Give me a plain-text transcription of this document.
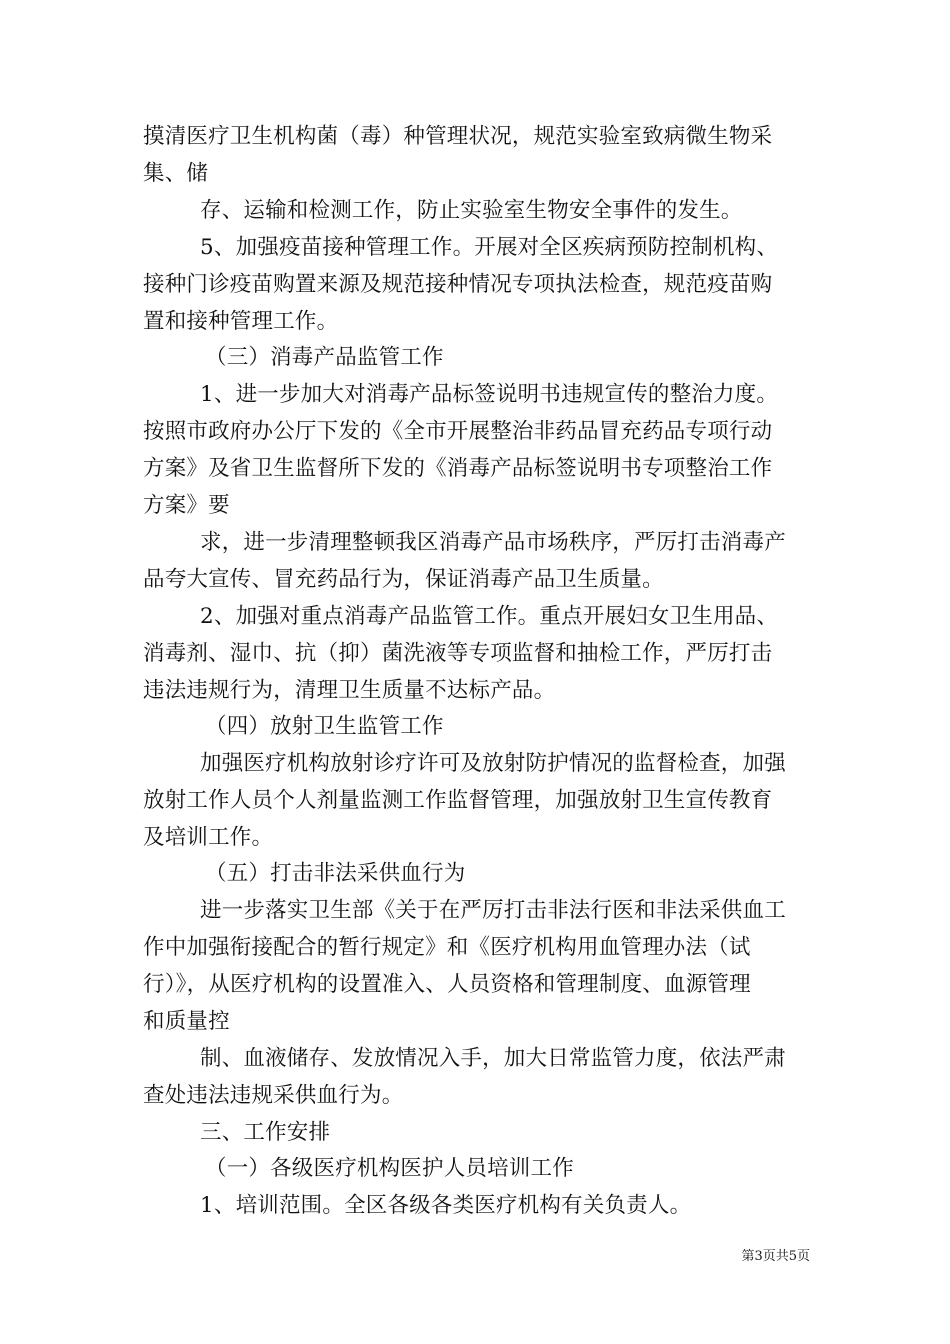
摸清医疗卫生机构菌（毒）种管理状况，规范实验室致病微生物采
集、储
存、运输和检测工作，防止实验室生物安全事件的发生。
5、加强疫苗接种管理工作。开展对全区疾病预防控制机构、
接种门诊疫苗购置来源及规范接种情况专项执法检查，规范疫苗购
置和接种管理工作。
（三）消毒产品监管工作
1、进一步加大对消毒产品标签说明书违规宣传的整治力度。
按照市政府办公厅下发的《全市开展整治非药品冒充药品专项行动
方案》及省卫生监督所下发的《消毒产品标签说明书专项整治工作
方案》要
求，进一步清理整顿我区消毒产品市场秩序，严厉打击消毒产
品夸大宣传、冒充药品行为，保证消毒产品卫生质量。
2、加强对重点消毒产品监管工作。重点开展妇女卫生用品、
消毒剂、湿巾、抗（抑）菌洗液等专项监督和抽检工作，严厉打击
违法违规行为，清理卫生质量不达标产品。
（四）放射卫生监管工作
加强医疗机构放射诊疗许可及放射防护情况的监督检查，加强
放射工作人员个人剂量监测工作监督管理，加强放射卫生宣传教育
及培训工作。
（五）打击非法采供血行为
进一步落实卫生部《关于在严厉打击非法行医和非法采供血工
作中加强衔接配合的暂行规定》和《医疗机构用血管理办法（试
行）》，从医疗机构的设置准入、人员资格和管理制度、血源管理
和质量控
制、血液储存、发放情况入手，加大日常监管力度，依法严肃
查处违法违规采供血行为。
三、工作安排
（一）各级医疗机构医护人员培训工作
1、培训范围。全区各级各类医疗机构有关负责人。
第3页共5页
